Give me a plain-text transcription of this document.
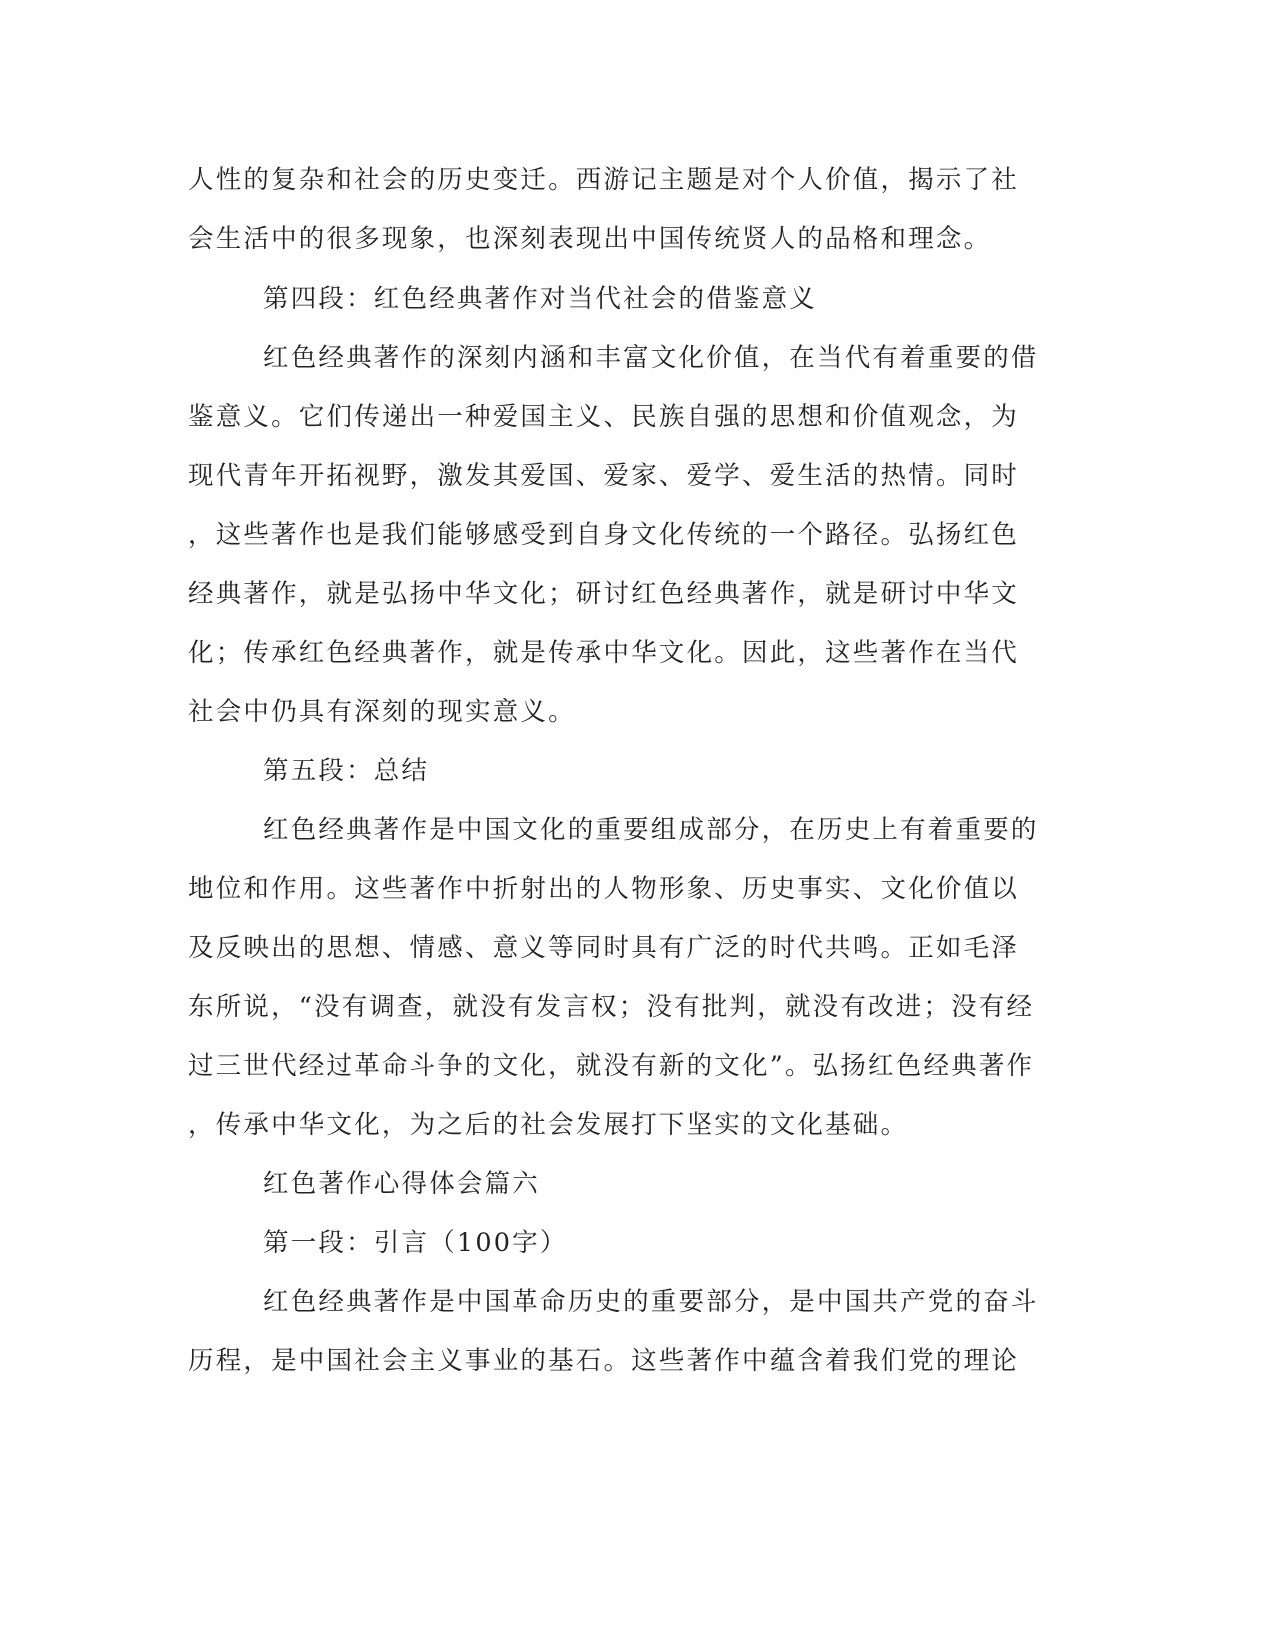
人性的复杂和社会的历史变迁。西游记主题是对个人价值，揭示了社
会生活中的很多现象，也深刻表现出中国传统贤人的品格和理念。
第四段：红色经典著作对当代社会的借鉴意义
红色经典著作的深刻内涵和丰富文化价值，在当代有着重要的借
鉴意义。它们传递出一种爱国主义、民族自强的思想和价值观念，为
现代青年开拓视野，激发其爱国、爱家、爱学、爱生活的热情。同时
，这些著作也是我们能够感受到自身文化传统的一个路径。弘扬红色
经典著作，就是弘扬中华文化；研讨红色经典著作，就是研讨中华文
化；传承红色经典著作，就是传承中华文化。因此，这些著作在当代
社会中仍具有深刻的现实意义。
第五段：总结
红色经典著作是中国文化的重要组成部分，在历史上有着重要的
地位和作用。这些著作中折射出的人物形象、历史事实、文化价值以
及反映出的思想、情感、意义等同时具有广泛的时代共鸣。正如毛泽
东所说，“没有调查，就没有发言权；没有批判，就没有改进；没有经
过三世代经过革命斗争的文化，就没有新的文化”。弘扬红色经典著作
，传承中华文化，为之后的社会发展打下坚实的文化基础。
红色著作心得体会篇六
第一段：引言（100字）
红色经典著作是中国革命历史的重要部分，是中国共产党的奋斗
历程，是中国社会主义事业的基石。这些著作中蕴含着我们党的理论
